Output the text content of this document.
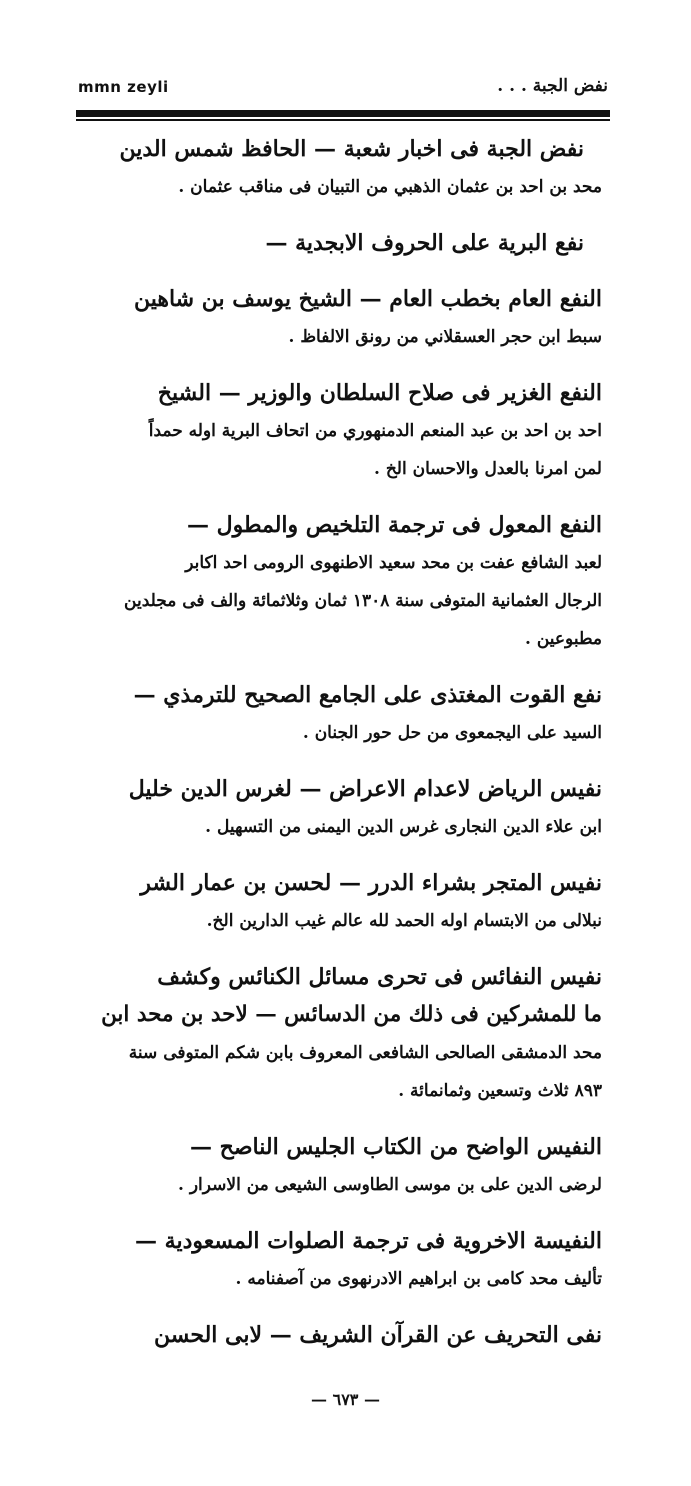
mmn zeyli	نفض الجبة . . .
نفض الجبة فى اخبار شعبة — الحافظ شمس الدين
محد بن احد بن عثمان الذهبي من التبيان فى مناقب عثمان .
نفع البرية على الحروف الابجدية —
النفع العام بخطب العام — الشيخ يوسف بن شاهين
سبط ابن حجر العسقلاني من رونق الالفاظ .
النفع الغزير فى صلاح السلطان والوزير — الشيخ
احد بن احد بن عبد المنعم الدمنهوري من اتحاف البرية اوله حمداً
لمن امرنا بالعدل والاحسان الخ .
النفع المعول فى ترجمة التلخيص والمطول —
لعبد الشافع عفت بن محد سعيد الاطنهوى الرومى احد اكابر
الرجال العثمانية المتوفى سنة ١٣٠٨ ثمان وثلاثمائة والف فى مجلدين
مطبوعين .
نفع القوت المغتذى على الجامع الصحيح للترمذي —
السيد على اليجمعوى من حل حور الجنان .
نفيس الرياض لاعدام الاعراض — لغرس الدين خليل
ابن علاء الدين النجارى غرس الدين اليمنى من التسهيل .
نفيس المتجر بشراء الدرر — لحسن بن عمار الشر
نبلالى من الابتسام اوله الحمد لله عالم غيب الدارين الخ.
نفيس النفائس فى تحرى مسائل الكنائس وكشف
ما للمشركين فى ذلك من الدسائس — لاحد بن محد ابن
محد الدمشقى الصالحى الشافعى المعروف بابن شكم المتوفى سنة
٨٩٣ ثلاث وتسعين وثمانمائة .
النفيس الواضح من الكتاب الجليس الناصح —
لرضى الدين على بن موسى الطاوسى الشيعى من الاسرار .
النفيسة الاخروية فى ترجمة الصلوات المسعودية —
تأليف محد كامى بن ابراهيم الادرنهوى من آصفنامه .
نفى التحريف عن القرآن الشريف — لابى الحسن
— ٦٧٣ —
